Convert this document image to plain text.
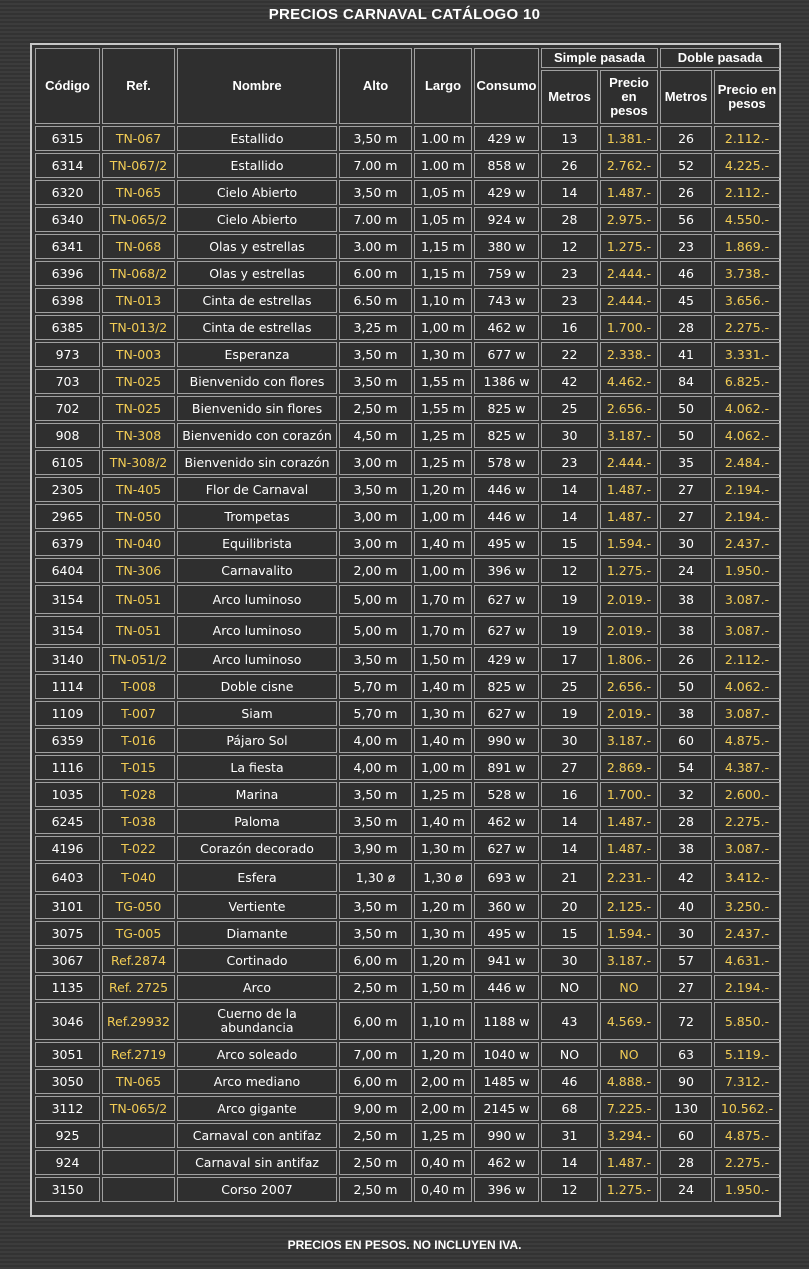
PRECIOS CARNAVAL CATÁLOGO 10
Código	Ref.	Nombre	Alto	Largo	Consumo	Simple pasada		Doble pasada	
						Metros	Precio en pesos	Metros	Precio en pesos
6315	TN-067	Estallido	3,50 m	1.00 m	429 w	13	1.381.-	26	2.112.-
6314	TN-067/2	Estallido	7.00 m	1.00 m	858 w	26	2.762.-	52	4.225.-
6320	TN-065	Cielo Abierto	3,50 m	1,05 m	429 w	14	1.487.-	26	2.112.-
6340	TN-065/2	Cielo Abierto	7.00 m	1,05 m	924 w	28	2.975.-	56	4.550.-
6341	TN-068	Olas y estrellas	3.00 m	1,15 m	380 w	12	1.275.-	23	1.869.-
6396	TN-068/2	Olas y estrellas	6.00 m	1,15 m	759 w	23	2.444.-	46	3.738.-
6398	TN-013	Cinta de estrellas	6.50 m	1,10 m	743 w	23	2.444.-	45	3.656.-
6385	TN-013/2	Cinta de estrellas	3,25 m	1,00 m	462 w	16	1.700.-	28	2.275.-
973	TN-003	Esperanza	3,50 m	1,30 m	677 w	22	2.338.-	41	3.331.-
703	TN-025	Bienvenido con flores	3,50 m	1,55 m	1386 w	42	4.462.-	84	6.825.-
702	TN-025	Bienvenido sin flores	2,50 m	1,55 m	825 w	25	2.656.-	50	4.062.-
908	TN-308	Bienvenido con corazón	4,50 m	1,25 m	825 w	30	3.187.-	50	4.062.-
6105	TN-308/2	Bienvenido sin corazón	3,00 m	1,25 m	578 w	23	2.444.-	35	2.484.-
2305	TN-405	Flor de Carnaval	3,50 m	1,20 m	446 w	14	1.487.-	27	2.194.-
2965	TN-050	Trompetas	3,00 m	1,00 m	446 w	14	1.487.-	27	2.194.-
6379	TN-040	Equilibrista	3,00 m	1,40 m	495 w	15	1.594.-	30	2.437.-
6404	TN-306	Carnavalito	2,00 m	1,00 m	396 w	12	1.275.-	24	1.950.-
3154	TN-051	Arco luminoso	5,00 m	1,70 m	627 w	19	2.019.-	38	3.087.-
3154	TN-051	Arco luminoso	5,00 m	1,70 m	627 w	19	2.019.-	38	3.087.-
3140	TN-051/2	Arco luminoso	3,50 m	1,50 m	429 w	17	1.806.-	26	2.112.-
1114	T-008	Doble cisne	5,70 m	1,40 m	825 w	25	2.656.-	50	4.062.-
1109	T-007	Siam	5,70 m	1,30 m	627 w	19	2.019.-	38	3.087.-
6359	T-016	Pájaro Sol	4,00 m	1,40 m	990 w	30	3.187.-	60	4.875.-
1116	T-015	La fiesta	4,00 m	1,00 m	891 w	27	2.869.-	54	4.387.-
1035	T-028	Marina	3,50 m	1,25 m	528 w	16	1.700.-	32	2.600.-
6245	T-038	Paloma	3,50 m	1,40 m	462 w	14	1.487.-	28	2.275.-
4196	T-022	Corazón decorado	3,90 m	1,30 m	627 w	14	1.487.-	38	3.087.-
6403	T-040	Esfera	1,30 ø	1,30 ø	693 w	21	2.231.-	42	3.412.-
3101	TG-050	Vertiente	3,50 m	1,20 m	360 w	20	2.125.-	40	3.250.-
3075	TG-005	Diamante	3,50 m	1,30 m	495 w	15	1.594.-	30	2.437.-
3067	Ref.2874	Cortinado	6,00 m	1,20 m	941 w	30	3.187.-	57	4.631.-
1135	Ref. 2725	Arco	2,50 m	1,50 m	446 w	NO	NO	27	2.194.-
3046	Ref.29932	Cuerno de la abundancia	6,00 m	1,10 m	1188 w	43	4.569.-	72	5.850.-
3051	Ref.2719	Arco soleado	7,00 m	1,20 m	1040 w	NO	NO	63	5.119.-
3050	TN-065	Arco mediano	6,00 m	2,00 m	1485 w	46	4.888.-	90	7.312.-
3112	TN-065/2	Arco gigante	9,00 m	2,00 m	2145 w	68	7.225.-	130	10.562.-
925		Carnaval con antifaz	2,50 m	1,25 m	990 w	31	3.294.-	60	4.875.-
924		Carnaval sin antifaz	2,50 m	0,40 m	462 w	14	1.487.-	28	2.275.-
3150		Corso 2007	2,50 m	0,40 m	396 w	12	1.275.-	24	1.950.-
PRECIOS EN PESOS. NO INCLUYEN IVA.
